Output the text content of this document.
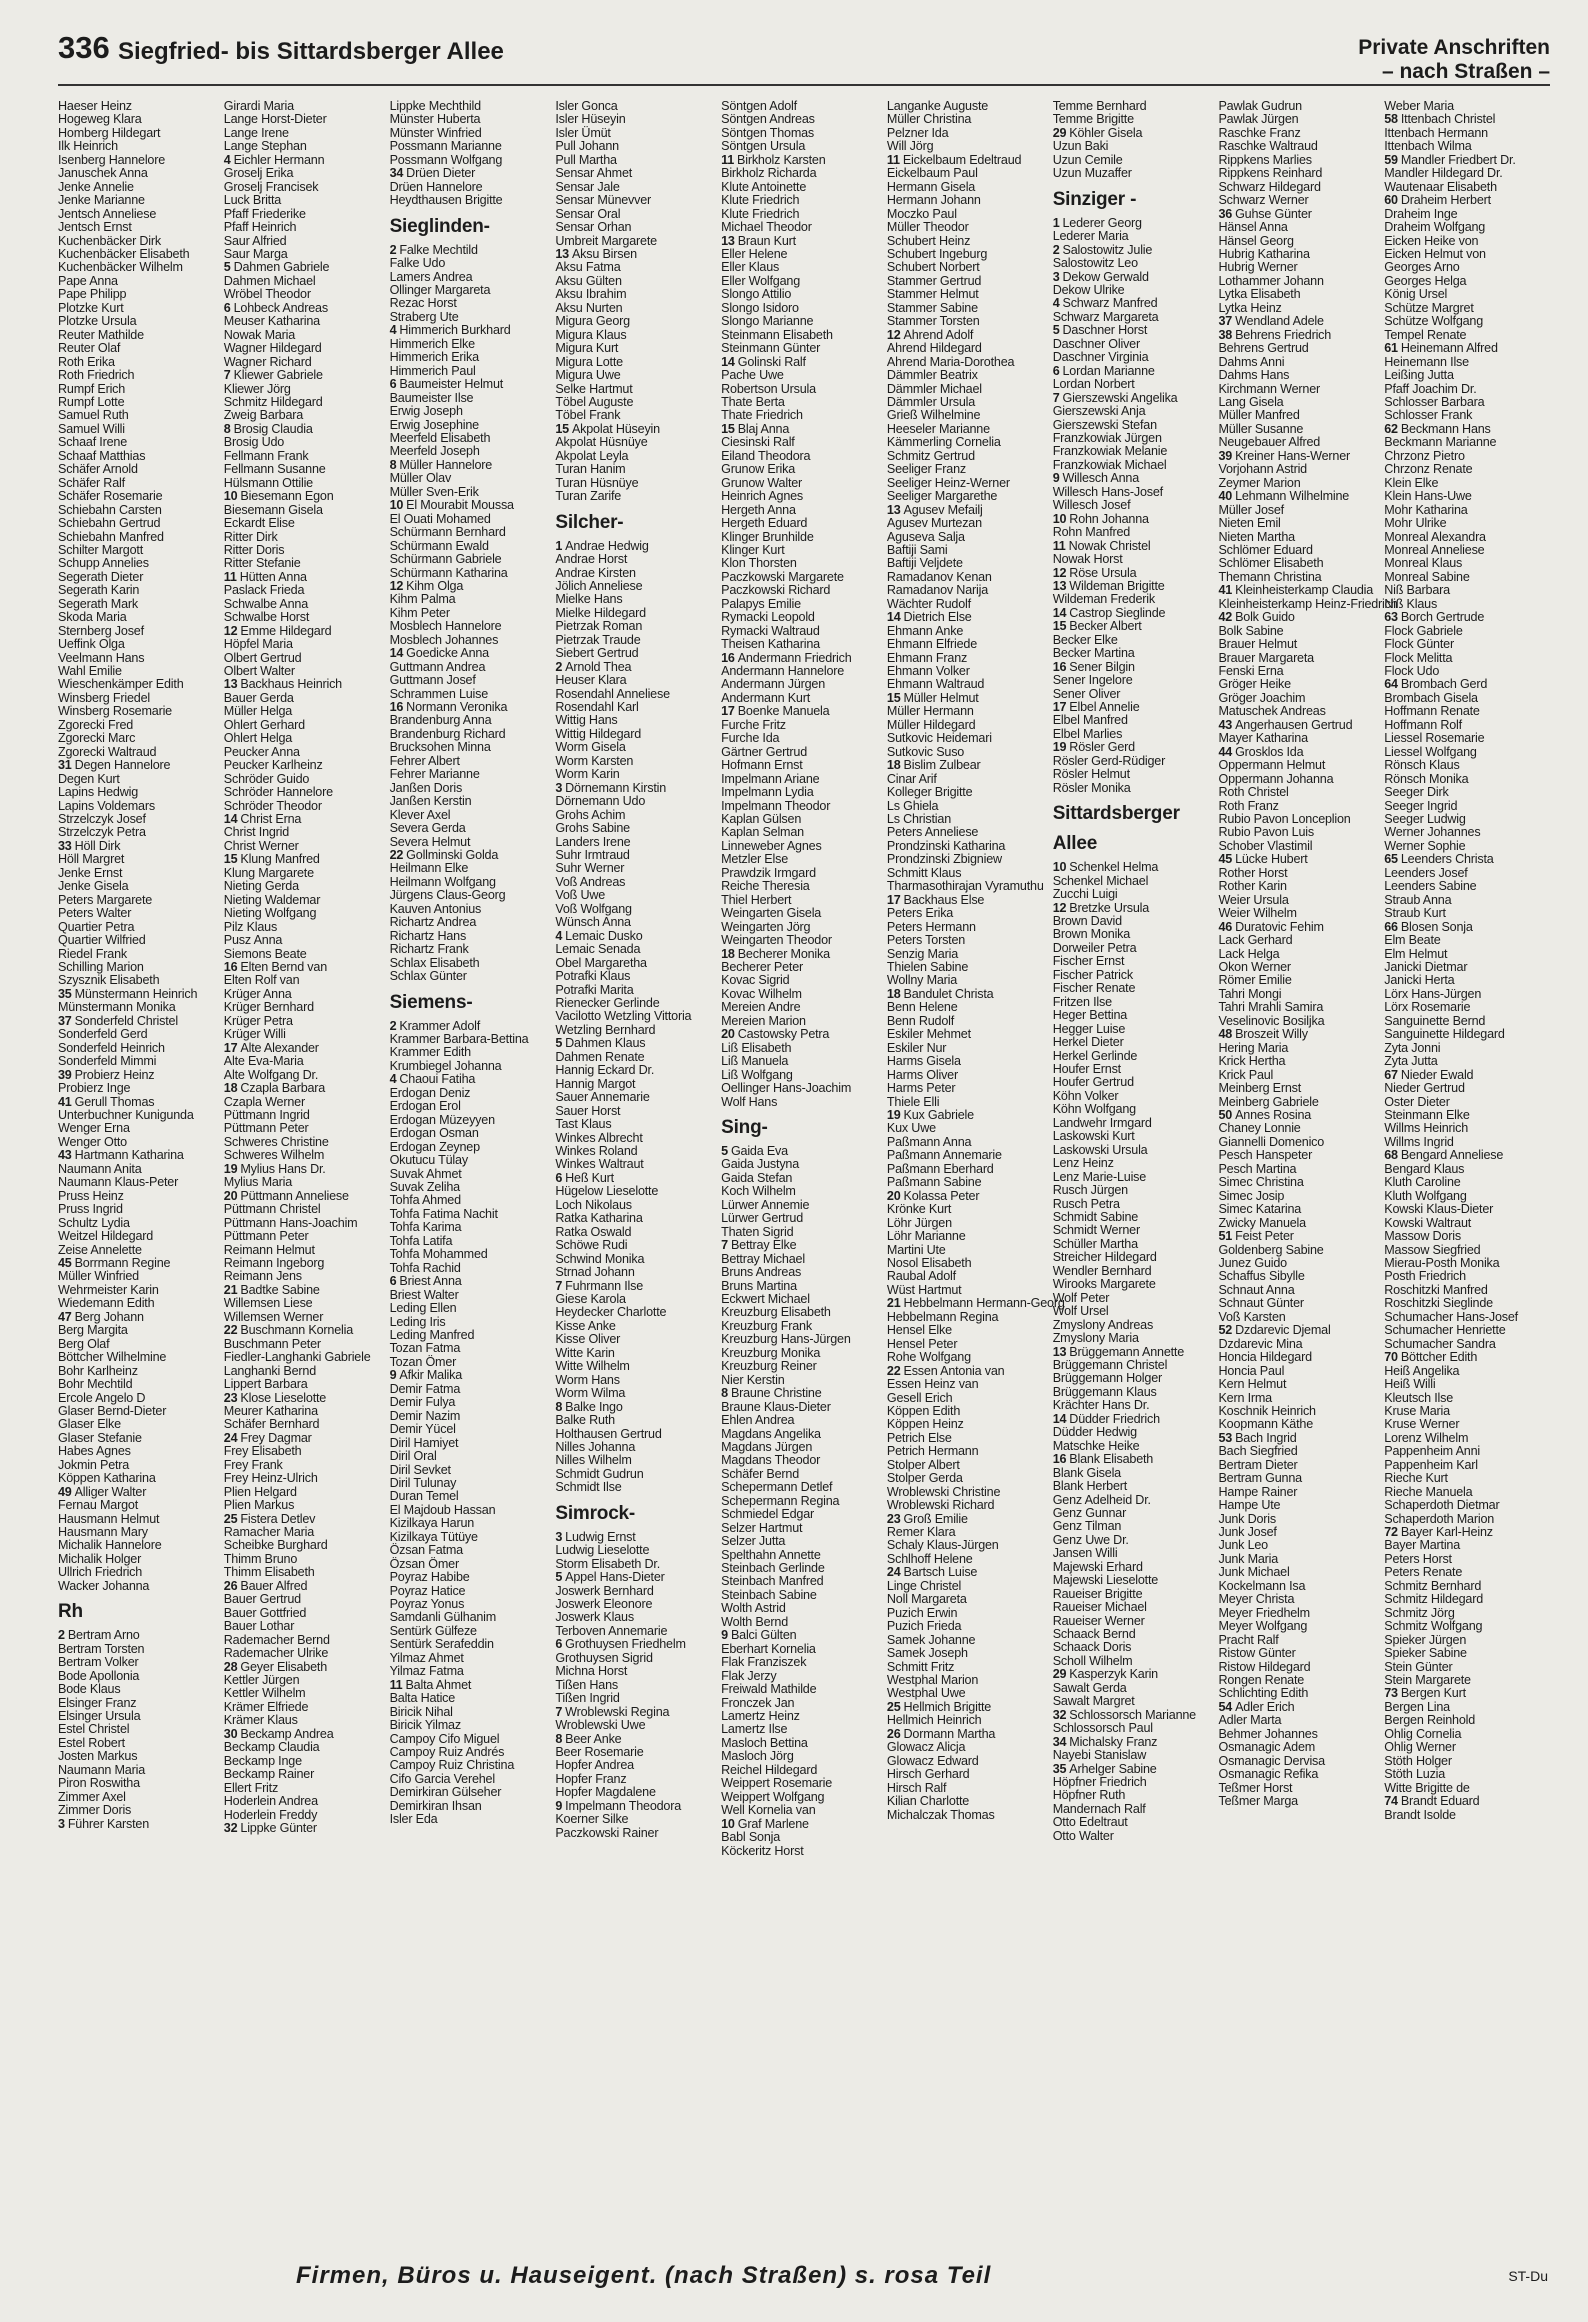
336 Siegfried- bis Sittardsberger Allee	Private Anschriften
– nach Straßen –
Haeser Heinz
Hogeweg Klara
Homberg Hildegart
Ilk Heinrich
Isenberg Hannelore
Januschek Anna
Jenke Annelie
Jenke Marianne
Jentsch Anneliese
Jentsch Ernst
Kuchenbäcker Dirk
Kuchenbäcker Elisabeth
Kuchenbäcker Wilhelm
Pape Anna
Pape Philipp
Plotzke Kurt
Plotzke Ursula
Reuter Mathilde
Reuter Olaf
Roth Erika
Roth Friedrich
Rumpf Erich
Rumpf Lotte
Samuel Ruth
Samuel Willi
Schaaf Irene
Schaaf Matthias
Schäfer Arnold
Schäfer Ralf
Schäfer Rosemarie
Schiebahn Carsten
Schiebahn Gertrud
Schiebahn Manfred
Schilter Margott
Schupp Annelies
Segerath Dieter
Segerath Karin
Segerath Mark
Skoda Maria
Sternberg Josef
Ueffink Olga
Veelmann Hans
Wahl Emilie
Wieschenkämper Edith
Winsberg Friedel
Winsberg Rosemarie
Zgorecki Fred
Zgorecki Marc
Zgorecki Waltraud
31 Degen Hannelore
Degen Kurt
Lapins Hedwig
Lapins Voldemars
Strzelczyk Josef
Strzelczyk Petra
33 Höll Dirk
Höll Margret
Jenke Ernst
Jenke Gisela
Peters Margarete
Peters Walter
Quartier Petra
Quartier Wilfried
Riedel Frank
Schilling Marion
Szysznik Elisabeth
35 Münstermann Heinrich
Münstermann Monika
37 Sonderfeld Christel
Sonderfeld Gerd
Sonderfeld Heinrich
Sonderfeld Mimmi
39 Probierz Heinz
Probierz Inge
41 Gerull Thomas
Unterbuchner Kunigunda
Wenger Erna
Wenger Otto
43 Hartmann Katharina
Naumann Anita
Naumann Klaus-Peter
Pruss Heinz
Pruss Ingrid
Schultz Lydia
Weitzel Hildegard
Zeise Annelette
45 Borrmann Regine
Müller Winfried
Wehrmeister Karin
Wiedemann Edith
47 Berg Johann
Berg Margita
Berg Olaf
Böttcher Wilhelmine
Bohr Karlheinz
Bohr Mechtild
Ercole Angelo D
Glaser Bernd-Dieter
Glaser Elke
Glaser Stefanie
Habes Agnes
Jokmin Petra
Köppen Katharina
49 Alliger Walter
Fernau Margot
Hausmann Helmut
Hausmann Mary
Michalik Hannelore
Michalik Holger
Ullrich Friedrich
Wacker Johanna
Rh
2 Bertram Arno
Bertram Torsten
Bertram Volker
Bode Apollonia
Bode Klaus
Elsinger Franz
Elsinger Ursula
Estel Christel
Estel Robert
Josten Markus
Naumann Maria
Piron Roswitha
Zimmer Axel
Zimmer Doris
3 Führer Karsten
Girardi Maria
Lange Horst-Dieter
Lange Irene
Lange Stephan
4 Eichler Hermann
Groselj Erika
Groselj Francisek
Luck Britta
Pfaff Friederike
Pfaff Heinrich
Saur Alfried
Saur Marga
5 Dahmen Gabriele
Dahmen Michael
Wröbel Theodor
6 Lohbeck Andreas
Meuser Katharina
Nowak Maria
Wagner Hildegard
Wagner Richard
7 Kliewer Gabriele
Kliewer Jörg
Schmitz Hildegard
Zweig Barbara
8 Brosig Claudia
Brosig Udo
Fellmann Frank
Fellmann Susanne
Hülsmann Ottilie
10 Biesemann Egon
Biesemann Gisela
Eckardt Elise
Ritter Dirk
Ritter Doris
Ritter Stefanie
11 Hütten Anna
Paslack Frieda
Schwalbe Anna
Schwalbe Horst
12 Emme Hildegard
Höpfel Maria
Olbert Gertrud
Olbert Walter
13 Backhaus Heinrich
Bauer Gerda
Müller Helga
Ohlert Gerhard
Ohlert Helga
Peucker Anna
Peucker Karlheinz
Schröder Guido
Schröder Hannelore
Schröder Theodor
14 Christ Erna
Christ Ingrid
Christ Werner
15 Klung Manfred
Klung Margarete
Nieting Gerda
Nieting Waldemar
Nieting Wolfgang
Pilz Klaus
Pusz Anna
Siemons Beate
16 Elten Bernd van
Elten Rolf van
Krüger Anna
Krüger Bernhard
Krüger Petra
Krüger Willi
17 Alte Alexander
Alte Eva-Maria
Alte Wolfgang Dr.
18 Czapla Barbara
Czapla Werner
Püttmann Ingrid
Püttmann Peter
Schweres Christine
Schweres Wilhelm
19 Mylius Hans Dr.
Mylius Maria
20 Püttmann Anneliese
Püttmann Christel
Püttmann Hans-Joachim
Püttmann Peter
Reimann Helmut
Reimann Ingeborg
Reimann Jens
21 Badtke Sabine
Willemsen Liese
Willemsen Werner
22 Buschmann Kornelia
Buschmann Peter
Fiedler-Langhanki Gabriele
Langhanki Bernd
Lippert Barbara
23 Klose Lieselotte
Meurer Katharina
Schäfer Bernhard
24 Frey Dagmar
Frey Elisabeth
Frey Frank
Frey Heinz-Ulrich
Plien Helgard
Plien Markus
25 Fistera Detlev
Ramacher Maria
Scheibke Burghard
Thimm Bruno
Thimm Elisabeth
26 Bauer Alfred
Bauer Gertrud
Bauer Gottfried
Bauer Lothar
Rademacher Bernd
Rademacher Ulrike
28 Geyer Elisabeth
Kettler Jürgen
Kettler Wilhelm
Krämer Elfriede
Krämer Klaus
30 Beckamp Andrea
Beckamp Claudia
Beckamp Inge
Beckamp Rainer
Ellert Fritz
Hoderlein Andrea
Hoderlein Freddy
32 Lippke Günter
Lippke Mechthild
Münster Huberta
Münster Winfried
Possmann Marianne
Possmann Wolfgang
34 Drüen Dieter
Drüen Hannelore
Heydthausen Brigitte
Sieglinden-
2 Falke Mechtild
Falke Udo
Lamers Andrea
Ollinger Margareta
Rezac Horst
Straberg Ute
4 Himmerich Burkhard
Himmerich Elke
Himmerich Erika
Himmerich Paul
6 Baumeister Helmut
Baumeister Ilse
Erwig Joseph
Erwig Josephine
Meerfeld Elisabeth
Meerfeld Joseph
8 Müller Hannelore
Müller Olav
Müller Sven-Erik
10 El Mourabit Moussa
El Ouati Mohamed
Schürmann Bernhard
Schürmann Ewald
Schürmann Gabriele
Schürmann Katharina
12 Kihm Olga
Kihm Palma
Kihm Peter
Mosblech Hannelore
Mosblech Johannes
14 Goedicke Anna
Guttmann Andrea
Guttmann Josef
Schrammen Luise
16 Normann Veronika
Brandenburg Anna
Brandenburg Richard
Brucksohen Minna
Fehrer Albert
Fehrer Marianne
Janßen Doris
Janßen Kerstin
Klever Axel
Severa Gerda
Severa Helmut
22 Gollminski Golda
Heilmann Elke
Heilmann Wolfgang
Jürgens Claus-Georg
Kauven Antonius
Richartz Andrea
Richartz Hans
Richartz Frank
Schlax Elisabeth
Schlax Günter
Siemens-
2 Krammer Adolf
Krammer Barbara-Bettina
Krammer Edith
Krumbiegel Johanna
4 Chaoui Fatiha
Erdogan Deniz
Erdogan Erol
Erdogan Müzeyyen
Erdogan Osman
Erdogan Zeynep
Okutucu Tülay
Suvak Ahmet
Suvak Zeliha
Tohfa Ahmed
Tohfa Fatima Nachit
Tohfa Karima
Tohfa Latifa
Tohfa Mohammed
Tohfa Rachid
6 Briest Anna
Briest Walter
Leding Ellen
Leding Iris
Leding Manfred
Tozan Fatma
Tozan Ömer
9 Afkir Malika
Demir Fatma
Demir Fulya
Demir Nazim
Demir Yücel
Diril Hamiyet
Diril Oral
Diril Sevket
Diril Tulunay
Duran Temel
El Majdoub Hassan
Kizilkaya Harun
Kizilkaya Tütüye
Özsan Fatma
Özsan Ömer
Poyraz Habibe
Poyraz Hatice
Poyraz Yonus
Samdanli Gülhanim
Sentürk Gülfeze
Sentürk Serafeddin
Yilmaz Ahmet
Yilmaz Fatma
11 Balta Ahmet
Balta Hatice
Biricik Nihal
Biricik Yilmaz
Campoy Cifo Miguel
Campoy Ruiz Andrés
Campoy Ruiz Christina
Cifo Garcia Verehel
Demirkiran Gülseher
Demirkiran Ihsan
Isler Eda
Isler Gonca
Isler Hüseyin
Isler Ümüt
Pull Johann
Pull Martha
Sensar Ahmet
Sensar Jale
Sensar Münevver
Sensar Oral
Sensar Orhan
Umbreit Margarete
13 Aksu Birsen
Aksu Fatma
Aksu Gülten
Aksu Ibrahim
Aksu Nurten
Migura Georg
Migura Klaus
Migura Kurt
Migura Lotte
Migura Uwe
Selke Hartmut
Töbel Auguste
Töbel Frank
15 Akpolat Hüseyin
Akpolat Hüsnüye
Akpolat Leyla
Turan Hanim
Turan Hüsnüye
Turan Zarife
Silcher-
1 Andrae Hedwig
Andrae Horst
Andrae Kirsten
Jölich Anneliese
Mielke Hans
Mielke Hildegard
Pietrzak Roman
Pietrzak Traude
Siebert Gertrud
2 Arnold Thea
Heuser Klara
Rosendahl Anneliese
Rosendahl Karl
Wittig Hans
Wittig Hildegard
Worm Gisela
Worm Karsten
Worm Karin
3 Dörnemann Kirstin
Dörnemann Udo
Grohs Achim
Grohs Sabine
Landers Irene
Suhr Irmtraud
Suhr Werner
Voß Andreas
Voß Uwe
Voß Wolfgang
Wünsch Anna
4 Lemaic Dusko
Lemaic Senada
Obel Margaretha
Potrafki Klaus
Potrafki Marita
Rienecker Gerlinde
Vacilotto Wetzling Vittoria
Wetzling Bernhard
5 Dahmen Klaus
Dahmen Renate
Hannig Eckard Dr.
Hannig Margot
Sauer Annemarie
Sauer Horst
Tast Klaus
Winkes Albrecht
Winkes Roland
Winkes Waltraut
6 Heß Kurt
Hügelow Lieselotte
Loch Nikolaus
Ratka Katharina
Ratka Oswald
Schöwe Rudi
Schwind Monika
Strnad Johann
7 Fuhrmann Ilse
Giese Karola
Heydecker Charlotte
Kisse Anke
Kisse Oliver
Witte Karin
Witte Wilhelm
Worm Hans
Worm Wilma
8 Balke Ingo
Balke Ruth
Holthausen Gertrud
Nilles Johanna
Nilles Wilhelm
Schmidt Gudrun
Schmidt Ilse
Simrock-
3 Ludwig Ernst
Ludwig Lieselotte
Storm Elisabeth Dr.
5 Appel Hans-Dieter
Joswerk Bernhard
Joswerk Eleonore
Joswerk Klaus
Terboven Annemarie
6 Grothuysen Friedhelm
Grothuysen Sigrid
Michna Horst
Tißen Hans
Tißen Ingrid
7 Wroblewski Regina
Wroblewski Uwe
8 Beer Anke
Beer Rosemarie
Hopfer Andrea
Hopfer Franz
Hopfer Magdalene
9 Impelmann Theodora
Koerner Silke
Paczkowski Rainer
Söntgen Adolf
Söntgen Andreas
Söntgen Thomas
Söntgen Ursula
11 Birkholz Karsten
Birkholz Richarda
Klute Antoinette
Klute Friedrich
Klute Friedrich
Michael Theodor
13 Braun Kurt
Eller Helene
Eller Klaus
Eller Wolfgang
Slongo Attilio
Slongo Isidoro
Slongo Marianne
Steinmann Elisabeth
Steinmann Günter
14 Golinski Ralf
Pache Uwe
Robertson Ursula
Thate Berta
Thate Friedrich
15 Blaj Anna
Ciesinski Ralf
Eiland Theodora
Grunow Erika
Grunow Walter
Heinrich Agnes
Hergeth Anna
Hergeth Eduard
Klinger Brunhilde
Klinger Kurt
Klon Thorsten
Paczkowski Margarete
Paczkowski Richard
Palapys Emilie
Rymacki Leopold
Rymacki Waltraud
Theisen Katharina
16 Andermann Friedrich
Andermann Hannelore
Andermann Jürgen
Andermann Kurt
17 Boenke Manuela
Furche Fritz
Furche Ida
Gärtner Gertrud
Hofmann Ernst
Impelmann Ariane
Impelmann Lydia
Impelmann Theodor
Kaplan Gülsen
Kaplan Selman
Linneweber Agnes
Metzler Else
Prawdzik Irmgard
Reiche Theresia
Thiel Herbert
Weingarten Gisela
Weingarten Jörg
Weingarten Theodor
18 Becherer Monika
Becherer Peter
Kovac Sigrid
Kovac Wilhelm
Mereien Andre
Mereien Marion
20 Castowsky Petra
Liß Elisabeth
Liß Manuela
Liß Wolfgang
Oellinger Hans-Joachim
Wolf Hans
Sing-
5 Gaida Eva
Gaida Justyna
Gaida Stefan
Koch Wilhelm
Lürwer Annemie
Lürwer Gertrud
Thaten Sigrid
7 Bettray Elke
Bettray Michael
Bruns Andreas
Bruns Martina
Eckwert Michael
Kreuzburg Elisabeth
Kreuzburg Frank
Kreuzburg Hans-Jürgen
Kreuzburg Monika
Kreuzburg Reiner
Nier Kerstin
8 Braune Christine
Braune Klaus-Dieter
Ehlen Andrea
Magdans Angelika
Magdans Jürgen
Magdans Theodor
Schäfer Bernd
Schepermann Detlef
Schepermann Regina
Schmiedel Edgar
Selzer Hartmut
Selzer Jutta
Spelthahn Annette
Steinbach Gerlinde
Steinbach Manfred
Steinbach Sabine
Wolth Astrid
Wolth Bernd
9 Balci Gülten
Eberhart Kornelia
Flak Franziszek
Flak Jerzy
Freiwald Mathilde
Fronczek Jan
Lamertz Heinz
Lamertz Ilse
Masloch Bettina
Masloch Jörg
Reichel Hildegard
Weippert Rosemarie
Weippert Wolfgang
Well Kornelia van
10 Graf Marlene
Babl Sonja
Köckeritz Horst
Langanke Auguste
Müller Christina
Pelzner Ida
Will Jörg
11 Eickelbaum Edeltraud
Eickelbaum Paul
Hermann Gisela
Hermann Johann
Moczko Paul
Müller Theodor
Schubert Heinz
Schubert Ingeburg
Schubert Norbert
Stammer Gertrud
Stammer Helmut
Stammer Sabine
Stammer Torsten
12 Ahrend Adolf
Ahrend Hildegard
Ahrend Maria-Dorothea
Dämmler Beatrix
Dämmler Michael
Dämmler Ursula
Grieß Wilhelmine
Heeseler Marianne
Kämmerling Cornelia
Schmitz Gertrud
Seeliger Franz
Seeliger Heinz-Werner
Seeliger Margarethe
13 Agusev Mefailj
Agusev Murtezan
Aguseva Salja
Baftiji Sami
Baftiji Veljdete
Ramadanov Kenan
Ramadanov Narija
Wächter Rudolf
14 Dietrich Else
Ehmann Anke
Ehmann Elfriede
Ehmann Franz
Ehmann Volker
Ehmann Waltraud
15 Müller Helmut
Müller Hermann
Müller Hildegard
Sutkovic Heidemari
Sutkovic Suso
18 Bislim Zulbear
Cinar Arif
Kolleger Brigitte
Ls Ghiela
Ls Christian
Peters Anneliese
Prondzinski Katharina
Prondzinski Zbigniew
Schmitt Klaus
Tharmasothirajan Vyramuthu
17 Backhaus Else
Peters Erika
Peters Hermann
Peters Torsten
Senzig Maria
Thielen Sabine
Wollny Maria
18 Bandulet Christa
Benn Helene
Benn Rudolf
Eskiler Mehmet
Eskiler Nur
Harms Gisela
Harms Oliver
Harms Peter
Thiele Elli
19 Kux Gabriele
Kux Uwe
Paßmann Anna
Paßmann Annemarie
Paßmann Eberhard
Paßmann Sabine
20 Kolassa Peter
Krönke Kurt
Löhr Jürgen
Löhr Marianne
Martini Ute
Nosol Elisabeth
Raubal Adolf
Wüst Hartmut
21 Hebbelmann Hermann-Georg
Hebbelmann Regina
Hensel Elke
Hensel Peter
Rohe Wolfgang
22 Essen Antonia van
Essen Heinz van
Gesell Erich
Köppen Edith
Köppen Heinz
Petrich Else
Petrich Hermann
Stolper Albert
Stolper Gerda
Wroblewski Christine
Wroblewski Richard
23 Groß Emilie
Remer Klara
Schaly Klaus-Jürgen
Schlhoff Helene
24 Bartsch Luise
Linge Christel
Noll Margareta
Puzich Erwin
Puzich Frieda
Samek Johanne
Samek Joseph
Schmitt Fritz
Westphal Marion
Westphal Uwe
25 Hellmich Brigitte
Hellmich Heinrich
26 Dormann Martha
Glowacz Alicja
Glowacz Edward
Hirsch Gerhard
Hirsch Ralf
Kilian Charlotte
Michalczak Thomas
Temme Bernhard
Temme Brigitte
29 Köhler Gisela
Uzun Baki
Uzun Cemile
Uzun Muzaffer
Sinziger -
1 Lederer Georg
Lederer Maria
2 Salostowitz Julie
Salostowitz Leo
3 Dekow Gerwald
Dekow Ulrike
4 Schwarz Manfred
Schwarz Margareta
5 Daschner Horst
Daschner Oliver
Daschner Virginia
6 Lordan Marianne
Lordan Norbert
7 Gierszewski Angelika
Gierszewski Anja
Gierszewski Stefan
Franzkowiak Jürgen
Franzkowiak Melanie
Franzkowiak Michael
9 Willesch Anna
Willesch Hans-Josef
Willesch Josef
10 Rohn Johanna
Rohn Manfred
11 Nowak Christel
Nowak Horst
12 Röse Ursula
13 Wildeman Brigitte
Wildeman Frederik
14 Castrop Sieglinde
15 Becker Albert
Becker Elke
Becker Martina
16 Sener Bilgin
Sener Ingelore
Sener Oliver
17 Elbel Annelie
Elbel Manfred
Elbel Marlies
19 Rösler Gerd
Rösler Gerd-Rüdiger
Rösler Helmut
Rösler Monika
Sittardsberger
Allee
10 Schenkel Helma
Schenkel Michael
Zucchi Luigi
12 Bretzke Ursula
Brown David
Brown Monika
Dorweiler Petra
Fischer Ernst
Fischer Patrick
Fischer Renate
Fritzen Ilse
Heger Bettina
Hegger Luise
Herkel Dieter
Herkel Gerlinde
Houfer Ernst
Houfer Gertrud
Köhn Volker
Köhn Wolfgang
Landwehr Irmgard
Laskowski Kurt
Laskowski Ursula
Lenz Heinz
Lenz Marie-Luise
Rusch Jürgen
Rusch Petra
Schmidt Sabine
Schmidt Werner
Schüller Martha
Streicher Hildegard
Wendler Bernhard
Wirooks Margarete
Wolf Peter
Wolf Ursel
Zmyslony Andreas
Zmyslony Maria
13 Brüggemann Annette
Brüggemann Christel
Brüggemann Holger
Brüggemann Klaus
Krächter Hans Dr.
14 Düdder Friedrich
Düdder Hedwig
Matschke Heike
16 Blank Elisabeth
Blank Gisela
Blank Herbert
Genz Adelheid Dr.
Genz Gunnar
Genz Tilman
Genz Uwe Dr.
Jansen Willi
Majewski Erhard
Majewski Lieselotte
Raueiser Brigitte
Raueiser Michael
Raueiser Werner
Schaack Bernd
Schaack Doris
Scholl Wilhelm
29 Kasperzyk Karin
Sawalt Gerda
Sawalt Margret
32 Schlossorsch Marianne
Schlossorsch Paul
34 Michalsky Franz
Nayebi Stanislaw
35 Arhelger Sabine
Höpfner Friedrich
Höpfner Ruth
Mandernach Ralf
Otto Edeltraut
Otto Walter
Pawlak Gudrun
Pawlak Jürgen
Raschke Franz
Raschke Waltraud
Rippkens Marlies
Rippkens Reinhard
Schwarz Hildegard
Schwarz Werner
36 Guhse Günter
Hänsel Anna
Hänsel Georg
Hubrig Katharina
Hubrig Werner
Lothammer Johann
Lytka Elisabeth
Lytka Heinz
37 Wendland Adele
38 Behrens Friedrich
Behrens Gertrud
Dahms Anni
Dahms Hans
Kirchmann Werner
Lang Gisela
Müller Manfred
Müller Susanne
Neugebauer Alfred
39 Kreiner Hans-Werner
Vorjohann Astrid
Zeymer Marion
40 Lehmann Wilhelmine
Müller Josef
Nieten Emil
Nieten Martha
Schlömer Eduard
Schlömer Elisabeth
Themann Christina
41 Kleinheisterkamp Claudia
Kleinheisterkamp Heinz-Friedrich
42 Bolk Guido
Bolk Sabine
Brauer Helmut
Brauer Margareta
Fenski Erna
Gröger Heike
Gröger Joachim
Matuschek Andreas
43 Angerhausen Gertrud
Mayer Katharina
44 Grosklos Ida
Oppermann Helmut
Oppermann Johanna
Roth Christel
Roth Franz
Rubio Pavon Lonceplion
Rubio Pavon Luis
Schober Vlastimil
45 Lücke Hubert
Rother Horst
Rother Karin
Weier Ursula
Weier Wilhelm
46 Duratovic Fehim
Lack Gerhard
Lack Helga
Okon Werner
Römer Emilie
Tahri Mongi
Tahri Mrahli Samira
Veselinovic Bosiljka
48 Broszeit Willy
Hering Maria
Krick Hertha
Krick Paul
Meinberg Ernst
Meinberg Gabriele
50 Annes Rosina
Chaney Lonnie
Giannelli Domenico
Pesch Hanspeter
Pesch Martina
Simec Christina
Simec Josip
Simec Katarina
Zwicky Manuela
51 Feist Peter
Goldenberg Sabine
Junez Guido
Schaffus Sibylle
Schnaut Anna
Schnaut Günter
Voß Karsten
52 Dzdarevic Djemal
Dzdarevic Mina
Honcia Hildegard
Honcia Paul
Kern Helmut
Kern Irma
Koschnik Heinrich
Koopmann Käthe
53 Bach Ingrid
Bach Siegfried
Bertram Dieter
Bertram Gunna
Hampe Rainer
Hampe Ute
Junk Doris
Junk Josef
Junk Leo
Junk Maria
Junk Michael
Kockelmann Isa
Meyer Christa
Meyer Friedhelm
Meyer Wolfgang
Pracht Ralf
Ristow Günter
Ristow Hildegard
Rongen Renate
Schlichting Edith
54 Adler Erich
Adler Marta
Behmer Johannes
Osmanagic Adem
Osmanagic Dervisa
Osmanagic Refika
Teßmer Horst
Teßmer Marga
Weber Maria
58 Ittenbach Christel
Ittenbach Hermann
Ittenbach Wilma
59 Mandler Friedbert Dr.
Mandler Hildegard Dr.
Wautenaar Elisabeth
60 Draheim Herbert
Draheim Inge
Draheim Wolfgang
Eicken Heike von
Eicken Helmut von
Georges Arno
Georges Helga
König Ursel
Schütze Margret
Schütze Wolfgang
Tempel Renate
61 Heinemann Alfred
Heinemann Ilse
Leißing Jutta
Pfaff Joachim Dr.
Schlosser Barbara
Schlosser Frank
62 Beckmann Hans
Beckmann Marianne
Chrzonz Pietro
Chrzonz Renate
Klein Elke
Klein Hans-Uwe
Mohr Katharina
Mohr Ulrike
Monreal Alexandra
Monreal Anneliese
Monreal Klaus
Monreal Sabine
Niß Barbara
Niß Klaus
63 Borch Gertrude
Flock Gabriele
Flock Günter
Flock Melitta
Flock Udo
64 Brombach Gerd
Brombach Gisela
Hoffmann Renate
Hoffmann Rolf
Liessel Rosemarie
Liessel Wolfgang
Rönsch Klaus
Rönsch Monika
Seeger Dirk
Seeger Ingrid
Seeger Ludwig
Werner Johannes
Werner Sophie
65 Leenders Christa
Leenders Josef
Leenders Sabine
Straub Anna
Straub Kurt
66 Blosen Sonja
Elm Beate
Elm Helmut
Janicki Dietmar
Janicki Herta
Lörx Hans-Jürgen
Lörx Rosemarie
Sanguinette Bernd
Sanguinette Hildegard
Zyta Jonni
Zyta Jutta
67 Nieder Ewald
Nieder Gertrud
Oster Dieter
Steinmann Elke
Willms Heinrich
Willms Ingrid
68 Bengard Anneliese
Bengard Klaus
Kluth Caroline
Kluth Wolfgang
Kowski Klaus-Dieter
Kowski Waltraut
Massow Doris
Massow Siegfried
Mierau-Posth Monika
Posth Friedrich
Roschitzki Manfred
Roschitzki Sieglinde
Schumacher Hans-Josef
Schumacher Henriette
Schumacher Sandra
70 Böttcher Edith
Heiß Angelika
Heiß Willi
Kleutsch Ilse
Kruse Maria
Kruse Werner
Lorenz Wilhelm
Pappenheim Anni
Pappenheim Karl
Rieche Kurt
Rieche Manuela
Schaperdoth Dietmar
Schaperdoth Marion
72 Bayer Karl-Heinz
Bayer Martina
Peters Horst
Peters Renate
Schmitz Bernhard
Schmitz Hildegard
Schmitz Jörg
Schmitz Wolfgang
Spieker Jürgen
Spieker Sabine
Stein Günter
Stein Margarete
73 Bergen Kurt
Bergen Lina
Bergen Reinhold
Ohlig Cornelia
Ohlig Werner
Stöth Holger
Stöth Luzia
Witte Brigitte de
74 Brandt Eduard
Brandt Isolde
Firmen, Büros u. Hauseigent. (nach Straßen) s. rosa Teil	ST-Du
